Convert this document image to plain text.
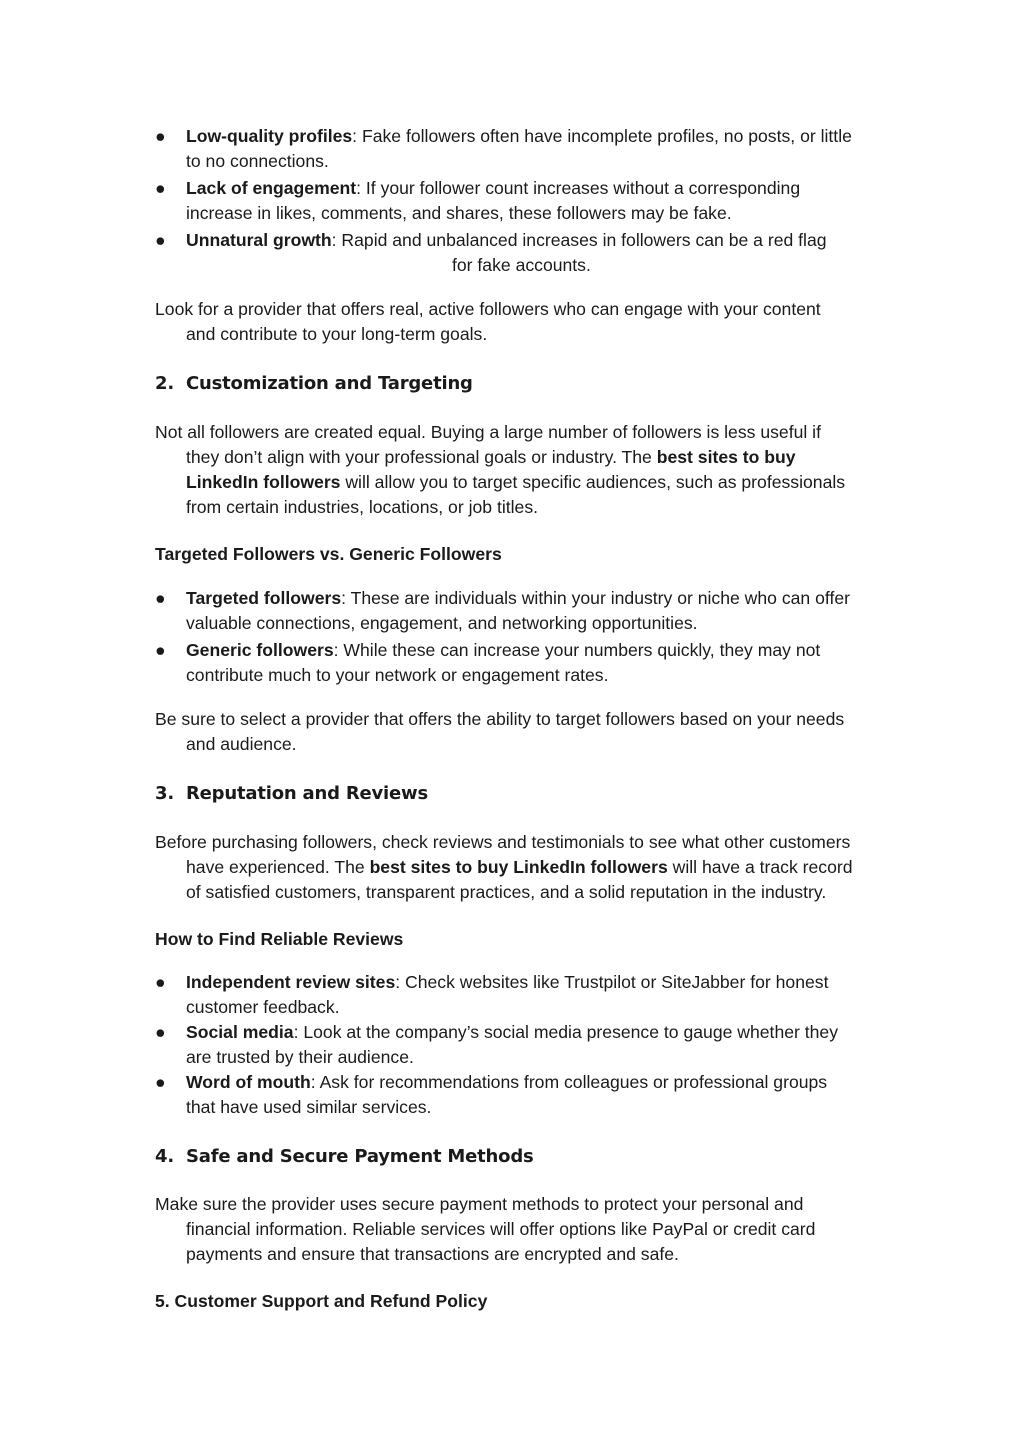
● Low-quality profiles: Fake followers often have incomplete profiles, no posts, or little
to no connections.
● Lack of engagement: If your follower count increases without a corresponding
increase in likes, comments, and shares, these followers may be fake.
● Unnatural growth: Rapid and unbalanced increases in followers can be a red flag
for fake accounts.
Look for a provider that offers real, active followers who can engage with your content
and contribute to your long-term goals.
2. Customization and Targeting
Not all followers are created equal. Buying a large number of followers is less useful if
they don’t align with your professional goals or industry. The best sites to buy
LinkedIn followers will allow you to target specific audiences, such as professionals
from certain industries, locations, or job titles.
Targeted Followers vs. Generic Followers
● Targeted followers: These are individuals within your industry or niche who can offer
valuable connections, engagement, and networking opportunities.
● Generic followers: While these can increase your numbers quickly, they may not
contribute much to your network or engagement rates.
Be sure to select a provider that offers the ability to target followers based on your needs
and audience.
3. Reputation and Reviews
Before purchasing followers, check reviews and testimonials to see what other customers
have experienced. The best sites to buy LinkedIn followers will have a track record
of satisfied customers, transparent practices, and a solid reputation in the industry.
How to Find Reliable Reviews
● Independent review sites: Check websites like Trustpilot or SiteJabber for honest
customer feedback.
● Social media: Look at the company’s social media presence to gauge whether they
are trusted by their audience.
● Word of mouth: Ask for recommendations from colleagues or professional groups
that have used similar services.
4. Safe and Secure Payment Methods
Make sure the provider uses secure payment methods to protect your personal and
financial information. Reliable services will offer options like PayPal or credit card
payments and ensure that transactions are encrypted and safe.
5. Customer Support and Refund Policy
